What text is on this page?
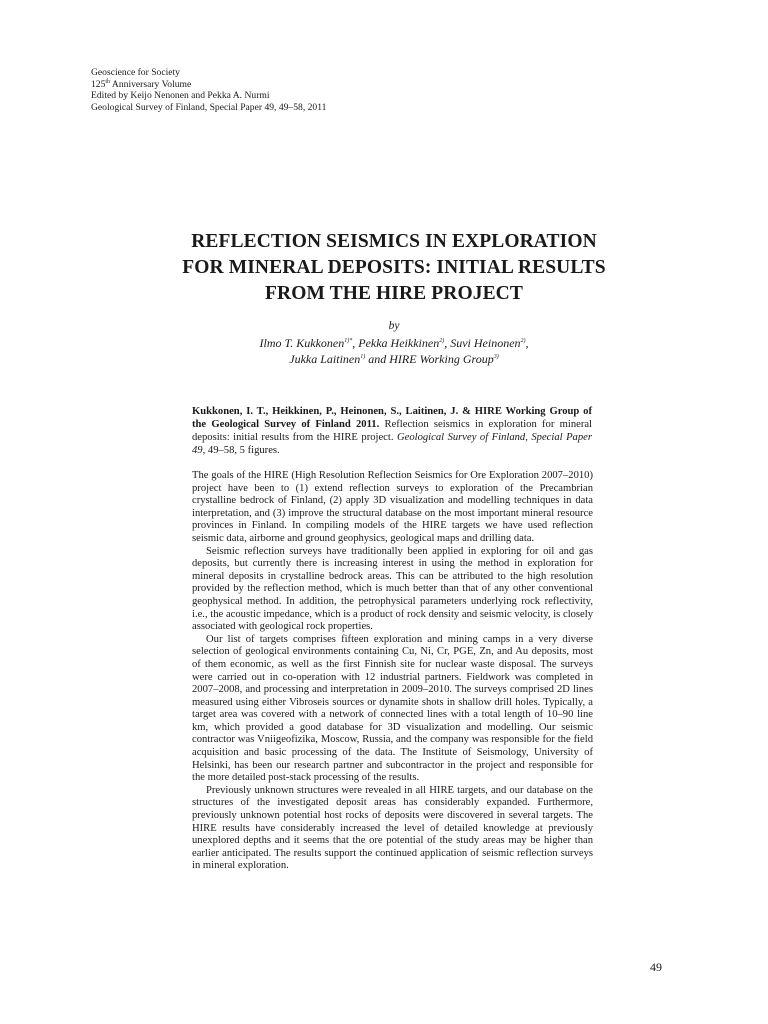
Geoscience for Society
125th Anniversary Volume
Edited by Keijo Nenonen and Pekka A. Nurmi
Geological Survey of Finland, Special Paper 49, 49–58, 2011
REFLECTION SEISMICS IN EXPLORATION
FOR MINERAL DEPOSITS: INITIAL RESULTS
FROM THE HIRE PROJECT
by
Ilmo T. Kukkonen$^{1)*}$, Pekka Heikkinen$^{2)}$, Suvi Heinonen$^{2)}$,
Jukka Laitinen$^{1)}$ and HIRE Working Group$^{3)}$
Kukkonen, I. T., Heikkinen, P., Heinonen, S., Laitinen, J. & HIRE Working Group of the Geological Survey of Finland 2011. Reflection seismics in exploration for mineral deposits: initial results from the HIRE project. Geological Survey of Finland, Special Paper 49, 49–58, 5 figures.

The goals of the HIRE (High Resolution Reflection Seismics for Ore Exploration 2007–2010) project have been to (1) extend reflection surveys to exploration of the Precambrian crystalline bedrock of Finland, (2) apply 3D visualization and modelling techniques in data interpretation, and (3) improve the structural database on the most important mineral resource provinces in Finland. In compiling models of the HIRE targets we have used reflection seismic data, airborne and ground geophysics, geological maps and drilling data.

Seismic reflection surveys have traditionally been applied in exploring for oil and gas deposits, but currently there is increasing interest in using the method in exploration for mineral deposits in crystalline bedrock areas. This can be attributed to the high resolution provided by the reflection method, which is much better than that of any other conventional geophysical method. In addition, the petrophysical parameters underlying rock reflectivity, i.e., the acoustic impedance, which is a product of rock density and seismic velocity, is closely associated with geological rock properties.

Our list of targets comprises fifteen exploration and mining camps in a very diverse selection of geological environments containing Cu, Ni, Cr, PGE, Zn, and Au deposits, most of them economic, as well as the first Finnish site for nuclear waste disposal. The surveys were carried out in co-operation with 12 industrial partners. Fieldwork was completed in 2007–2008, and processing and interpretation in 2009–2010. The surveys comprised 2D lines measured using either Vibroseis sources or dynamite shots in shallow drill holes. Typically, a target area was covered with a network of connected lines with a total length of 10–90 line km, which provided a good database for 3D visualization and modelling. Our seismic contractor was Vniigeofizika, Moscow, Russia, and the company was responsible for the field acquisition and basic processing of the data. The Institute of Seismology, University of Helsinki, has been our research partner and subcontractor in the project and responsible for the more detailed post-stack processing of the results.

Previously unknown structures were revealed in all HIRE targets, and our database on the structures of the investigated deposit areas has considerably expanded. Furthermore, previously unknown potential host rocks of deposits were discovered in several targets. The HIRE results have considerably increased the level of detailed knowledge at previously unexplored depths and it seems that the ore potential of the study areas may be higher than earlier anticipated. The results support the continued application of seismic reflection surveys in mineral exploration.

49
